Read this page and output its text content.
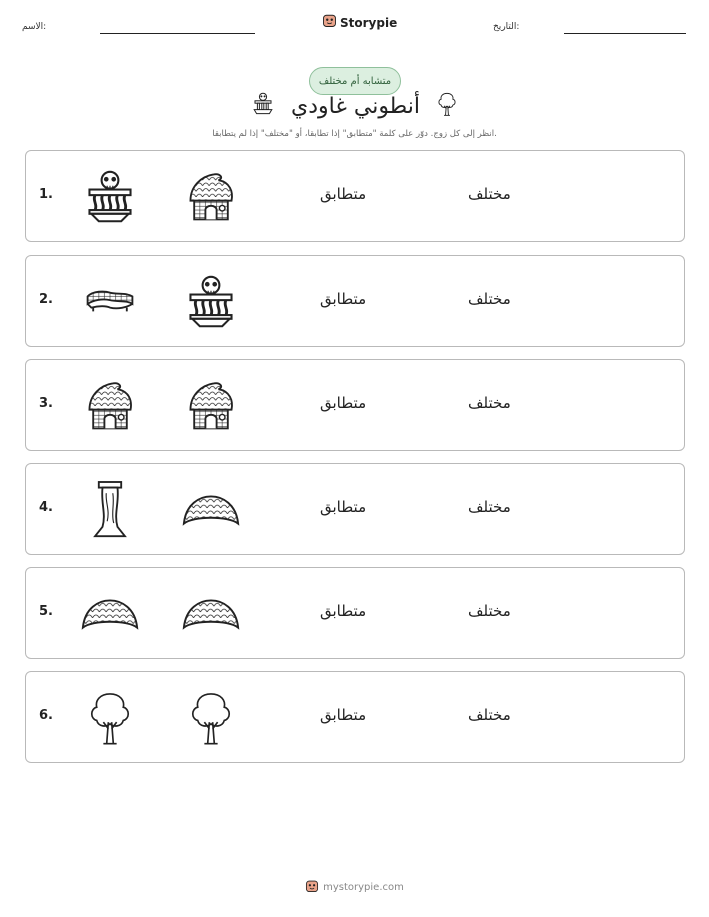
الاسم:	Storypie	التاريخ:
متشابه أم مختلف
أنطوني غاودي
انظر إلى كل زوج. دوّر على كلمة "متطابق" إذا تطابقا، أو "مختلف" إذا لم يتطابقا.
1.	متطابق	مختلف
2.	متطابق	مختلف
3.	متطابق	مختلف
4.	متطابق	مختلف
5.	متطابق	مختلف
6.	متطابق	مختلف
mystorypie.com
